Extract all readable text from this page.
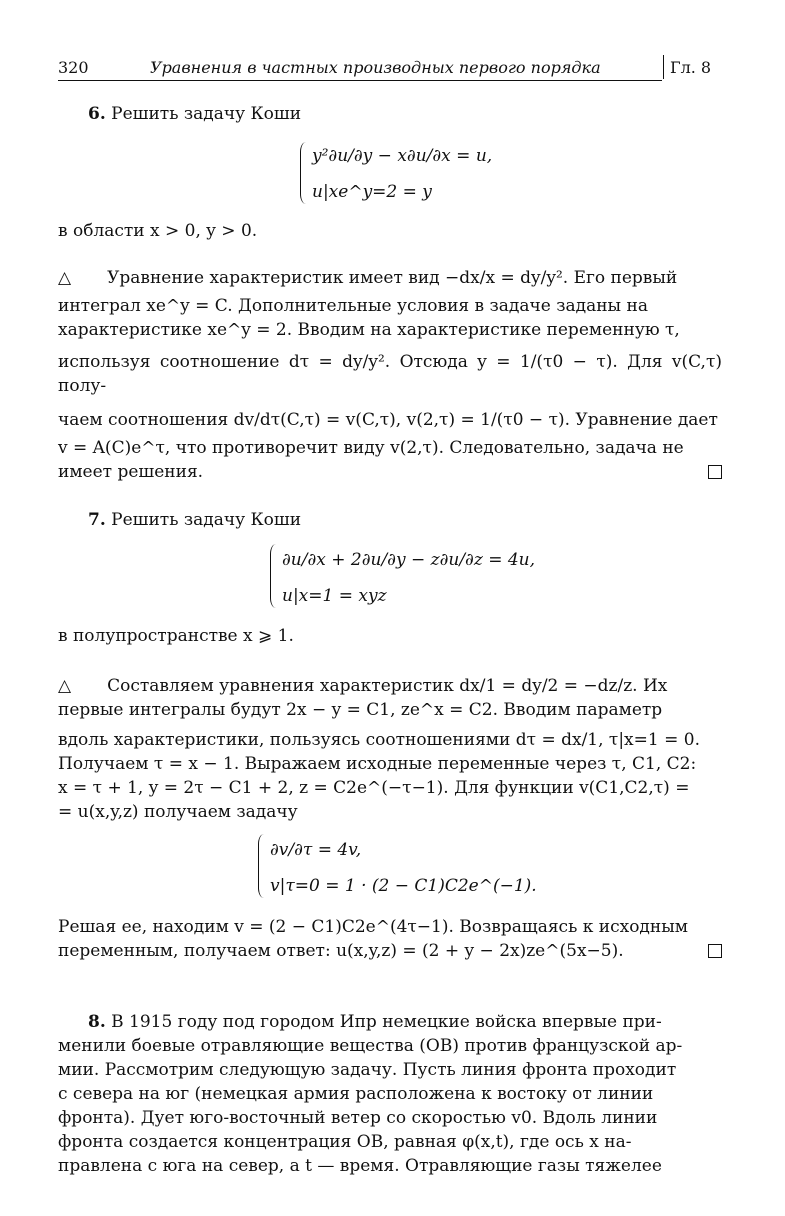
320	Уравнения в частных производных первого порядка	Гл. 8
6. Решить задачу Коши
y²∂u/∂y − x∂u/∂x = u,
u|xe^y=2 = y
в области x > 0, y > 0.
△ Уравнение характеристик имеет вид −dx/x = dy/y². Его первый
интеграл xe^y = C. Дополнительные условия в задаче заданы на
характеристике xe^y = 2. Вводим на характеристике переменную τ,
используя соотношение dτ = dy/y². Отсюда y = 1/(τ0 − τ). Для v(C,τ) полу-
чаем соотношения dv/dτ(C,τ) = v(C,τ), v(2,τ) = 1/(τ0 − τ). Уравнение дает
v = A(C)e^τ, что противоречит виду v(2,τ). Следовательно, задача не
имеет решения.
7. Решить задачу Коши
∂u/∂x + 2∂u/∂y − z∂u/∂z = 4u,
u|x=1 = xyz
в полупространстве x ⩾ 1.
△ Составляем уравнения характеристик dx/1 = dy/2 = −dz/z. Их
первые интегралы будут 2x − y = C1, ze^x = C2. Вводим параметр
вдоль характеристики, пользуясь соотношениями dτ = dx/1, τ|x=1 = 0.
Получаем τ = x − 1. Выражаем исходные переменные через τ, C1, C2:
x = τ + 1, y = 2τ − C1 + 2, z = C2e^(−τ−1). Для функции v(C1,C2,τ) =
= u(x,y,z) получаем задачу
∂v/∂τ = 4v,
v|τ=0 = 1 · (2 − C1)C2e^(−1).
Решая ее, находим v = (2 − C1)C2e^(4τ−1). Возвращаясь к исходным
переменным, получаем ответ: u(x,y,z) = (2 + y − 2x)ze^(5x−5).
8. В 1915 году под городом Ипр немецкие войска впервые при-
менили боевые отравляющие вещества (ОВ) против французской ар-
мии. Рассмотрим следующую задачу. Пусть линия фронта проходит
с севера на юг (немецкая армия расположена к востоку от линии
фронта). Дует юго-восточный ветер со скоростью v0. Вдоль линии
фронта создается концентрация ОВ, равная φ(x,t), где ось x на-
правлена с юга на север, а t — время. Отравляющие газы тяжелее
